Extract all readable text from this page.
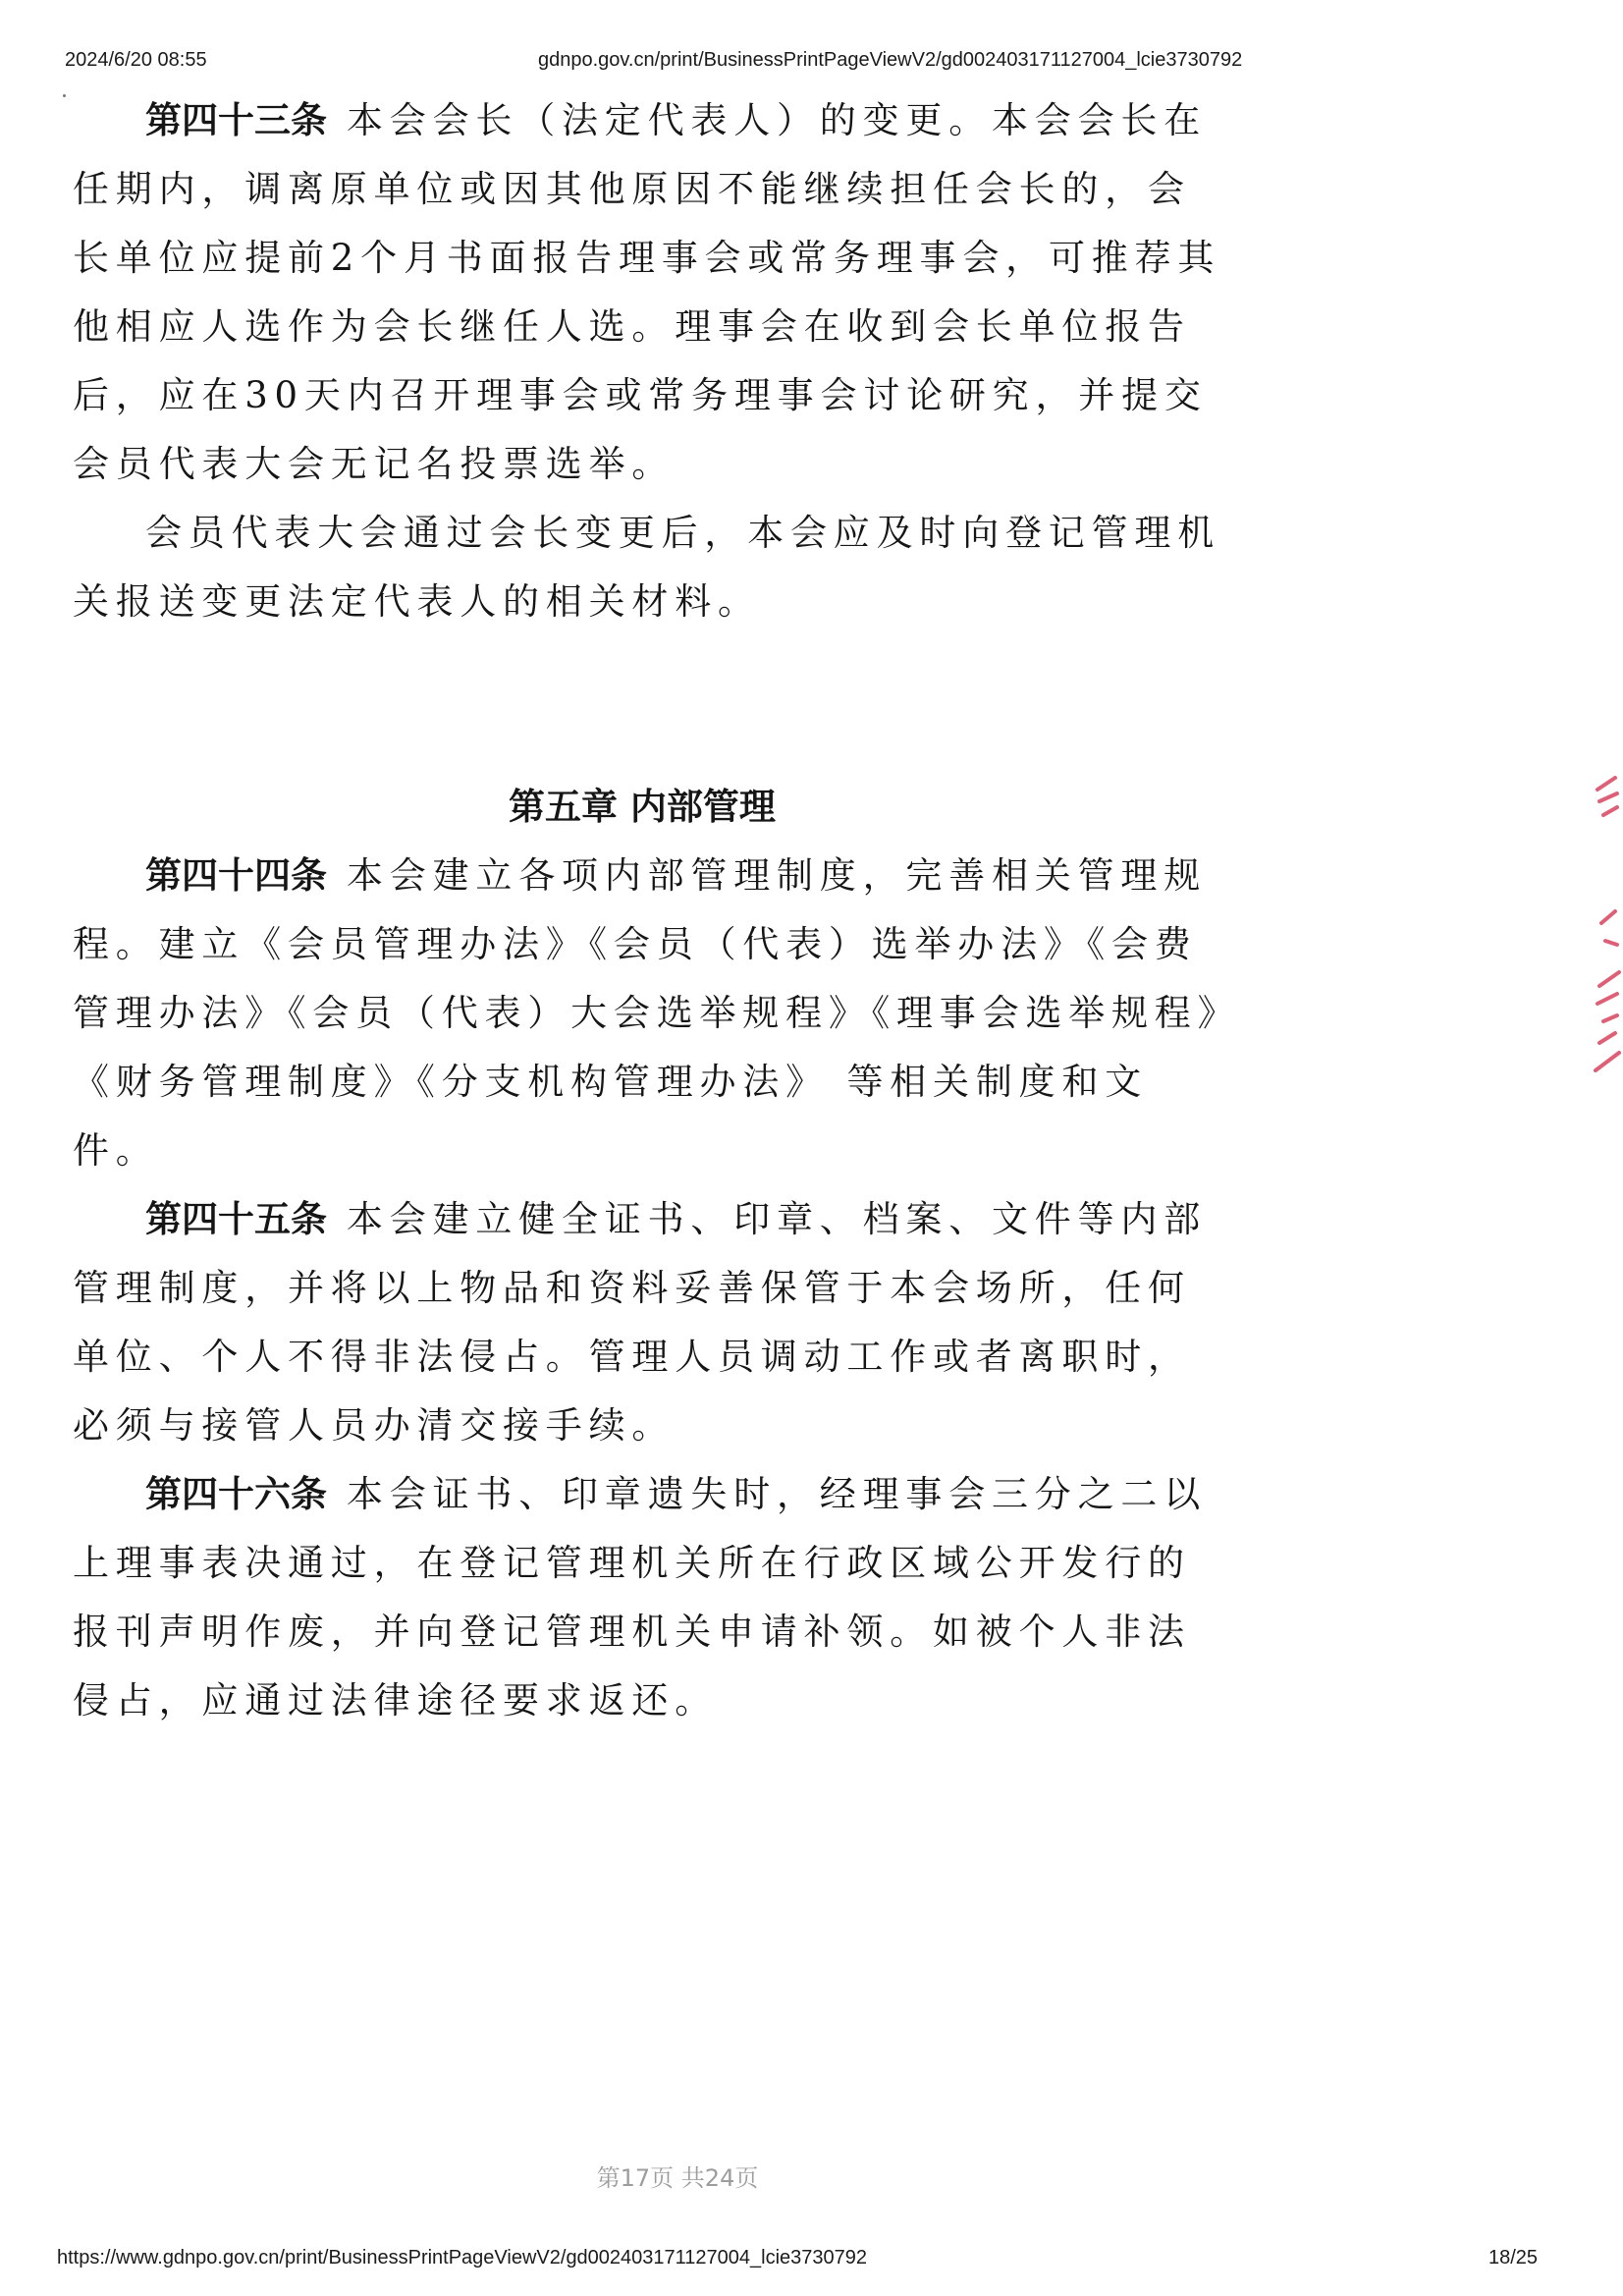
2024/6/20 08:55	gdnpo.gov.cn/print/BusinessPrintPageViewV2/gd002403171127004_lcie3730792

第四十三条 本会会长（法定代表人）的变更。本会会长在任期内，调离原单位或因其他原因不能继续担任会长的，会长单位应提前2个月书面报告理事会或常务理事会，可推荐其他相应人选作为会长继任人选。理事会在收到会长单位报告后，应在30天内召开理事会或常务理事会讨论研究，并提交会员代表大会无记名投票选举。

会员代表大会通过会长变更后，本会应及时向登记管理机关报送变更法定代表人的相关材料。

第五章 内部管理

第四十四条 本会建立各项内部管理制度，完善相关管理规程。建立《会员管理办法》《会员（代表）选举办法》《会费管理办法》《会员（代表）大会选举规程》《理事会选举规程》《财务管理制度》《分支机构管理办法》 等相关制度和文件。

第四十五条 本会建立健全证书、印章、档案、文件等内部管理制度，并将以上物品和资料妥善保管于本会场所，任何单位、个人不得非法侵占。管理人员调动工作或者离职时，必须与接管人员办清交接手续。

第四十六条 本会证书、印章遗失时，经理事会三分之二以上理事表决通过，在登记管理机关所在行政区域公开发行的报刊声明作废，并向登记管理机关申请补领。如被个人非法侵占，应通过法律途径要求返还。

第17页 共24页
https://www.gdnpo.gov.cn/print/BusinessPrintPageViewV2/gd002403171127004_lcie3730792	18/25
